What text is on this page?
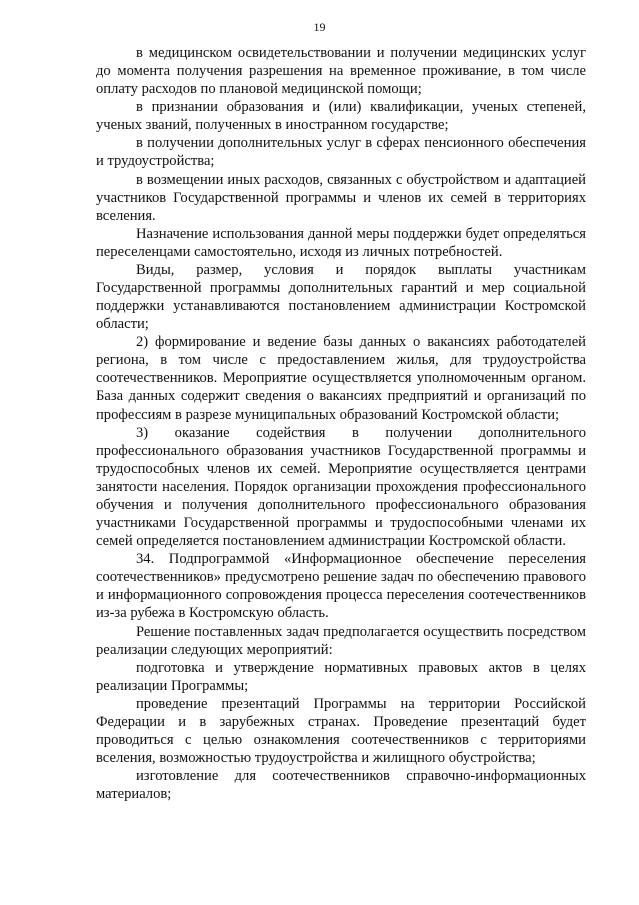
19

в медицинском освидетельствовании и получении медицинских услуг до момента получения разрешения на временное проживание, в том числе оплату расходов по плановой медицинской помощи;

в признании образования и (или) квалификации, ученых степеней, ученых званий, полученных в иностранном государстве;

в получении дополнительных услуг в сферах пенсионного обеспечения и трудоустройства;

в возмещении иных расходов, связанных с обустройством и адаптацией участников Государственной программы и членов их семей в территориях вселения.

Назначение использования данной меры поддержки будет определяться переселенцами самостоятельно, исходя из личных потребностей.

Виды, размер, условия и порядок выплаты участникам Государственной программы дополнительных гарантий и мер социальной поддержки устанавливаются постановлением администрации Костромской области;

2) формирование и ведение базы данных о вакансиях работодателей региона, в том числе с предоставлением жилья, для трудоустройства соотечественников. Мероприятие осуществляется уполномоченным органом. База данных содержит сведения о вакансиях предприятий и организаций по профессиям в разрезе муниципальных образований Костромской области;

3) оказание содействия в получении дополнительного профессионального образования участников Государственной программы и трудоспособных членов их семей. Мероприятие осуществляется центрами занятости населения. Порядок организации прохождения профессионального обучения и получения дополнительного профессионального образования участниками Государственной программы и трудоспособными членами их семей определяется постановлением администрации Костромской области.

34. Подпрограммой «Информационное обеспечение переселения соотечественников» предусмотрено решение задач по обеспечению правового и информационного сопровождения процесса переселения соотечественников из-за рубежа в Костромскую область.

Решение поставленных задач предполагается осуществить посредством реализации следующих мероприятий:

подготовка и утверждение нормативных правовых актов в целях реализации Программы;

проведение презентаций Программы на территории Российской Федерации и в зарубежных странах. Проведение презентаций будет проводиться с целью ознакомления соотечественников с территориями вселения, возможностью трудоустройства и жилищного обустройства;

изготовление для соотечественников справочно-информационных материалов;
